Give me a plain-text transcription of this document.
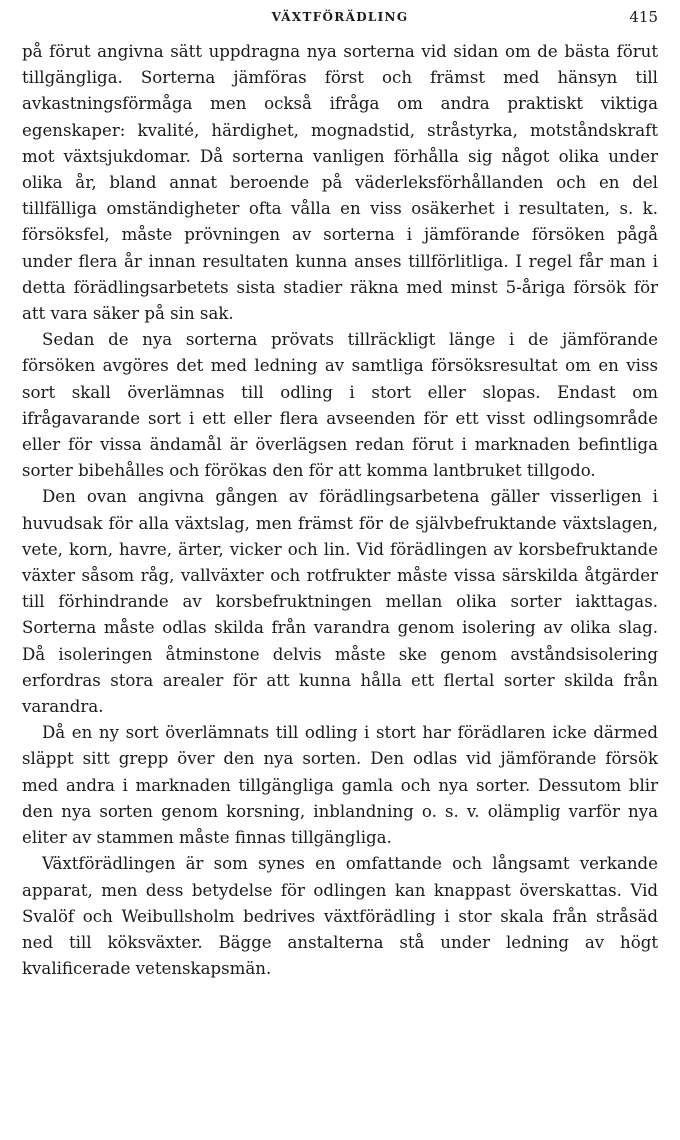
VÄXTFÖRÄDLING	415

på förut angivna sätt uppdragna nya sorterna vid sidan om de bästa förut tillgängliga. Sorterna jämföras först och främst med hänsyn till avkastningsförmåga men också ifråga om andra praktiskt viktiga egenskaper: kvalité, härdighet, mognadstid, stråstyrka, motståndskraft mot växtsjukdomar. Då sorterna vanligen förhålla sig något olika under olika år, bland annat beroende på väderleksförhållanden och en del tillfälliga omständigheter ofta vålla en viss osäkerhet i resultaten, s. k. försöksfel, måste prövningen av sorterna i jämförande försöken pågå under flera år innan resultaten kunna anses tillförlitliga. I regel får man i detta förädlingsarbetets sista stadier räkna med minst 5-åriga försök för att vara säker på sin sak.

Sedan de nya sorterna prövats tillräckligt länge i de jämförande försöken avgöres det med ledning av samtliga försöksresultat om en viss sort skall överlämnas till odling i stort eller slopas. Endast om ifrågavarande sort i ett eller flera avseenden för ett visst odlingsområde eller för vissa ändamål är överlägsen redan förut i marknaden befintliga sorter bibehålles och förökas den för att komma lantbruket tillgodo.

Den ovan angivna gången av förädlingsarbetena gäller visserligen i huvudsak för alla växtslag, men främst för de självbefruktande växtslagen, vete, korn, havre, ärter, vicker och lin. Vid förädlingen av korsbefruktande växter såsom råg, vallväxter och rotfrukter måste vissa särskilda åtgärder till förhindrande av korsbefruktningen mellan olika sorter iakttagas. Sorterna måste odlas skilda från varandra genom isolering av olika slag. Då isoleringen åtminstone delvis måste ske genom avståndsisolering erfordras stora arealer för att kunna hålla ett flertal sorter skilda från varandra.

Då en ny sort överlämnats till odling i stort har förädlaren icke därmed släppt sitt grepp över den nya sorten. Den odlas vid jämförande försök med andra i marknaden tillgängliga gamla och nya sorter. Dessutom blir den nya sorten genom korsning, inblandning o. s. v. olämplig varför nya eliter av stammen måste finnas tillgängliga.

Växtförädlingen är som synes en omfattande och långsamt verkande apparat, men dess betydelse för odlingen kan knappast överskattas. Vid Svalöf och Weibullsholm bedrives växtförädling i stor skala från stråsäd ned till köksväxter. Bägge anstalterna stå under ledning av högt kvalificerade vetenskapsmän.
